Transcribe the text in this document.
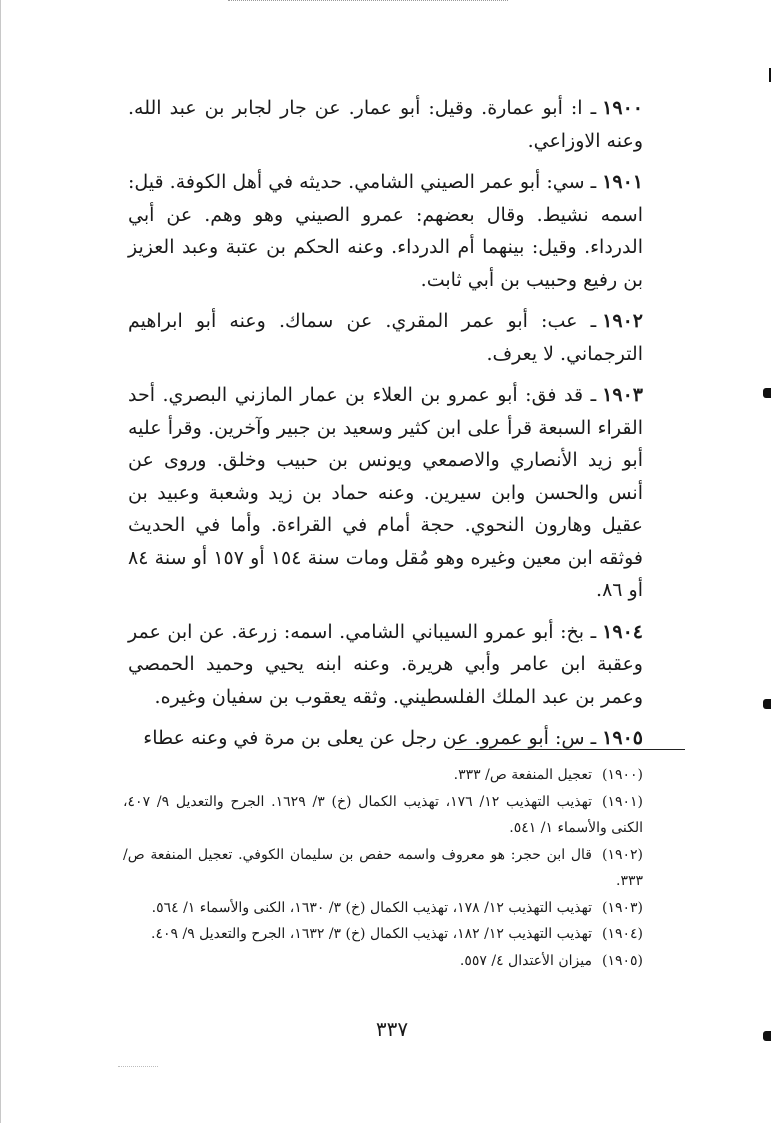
١٩٠٠ـ ا: أبو عمارة. وقيل: أبو عمار. عن جار لجابر بن عبد الله. وعنه الاوزاعي.

١٩٠١ـ سي: أبو عمر الصيني الشامي. حديثه في أهل الكوفة. قيل: اسمه نشيط. وقال بعضهم: عمرو الصيني وهو وهم. عن أبي الدرداء. وقيل: بينهما أم الدرداء. وعنه الحكم بن عتبة وعبد العزيز بن رفيع وحبيب بن أبي ثابت.

١٩٠٢ـ عب: أبو عمر المقري. عن سماك. وعنه أبو ابراهيم الترجماني. لا يعرف.

١٩٠٣ـ قد فق: أبو عمرو بن العلاء بن عمار المازني البصري. أحد القراء السبعة قرأ على ابن كثير وسعيد بن جبير وآخرين. وقرأ عليه أبو زيد الأنصاري والاصمعي ويونس بن حبيب وخلق. وروى عن أنس والحسن وابن سيرين. وعنه حماد بن زيد وشعبة وعبيد بن عقيل وهارون النحوي. حجة أمام في القراءة. وأما في الحديث فوثقه ابن معين وغيره وهو مُقل ومات سنة ١٥٤ أو ١٥٧ أو سنة ٨٤ أو ٨٦.

١٩٠٤ـ بخ: أبو عمرو السيباني الشامي. اسمه: زرعة. عن ابن عمر وعقبة ابن عامر وأبي هريرة. وعنه ابنه يحيي وحميد الحمصي وعمر بن عبد الملك الفلسطيني. وثقه يعقوب بن سفيان وغيره.

١٩٠٥ـ س: أبو عمرو. عن رجل عن يعلى بن مرة في وعنه عطاء

(١٩٠٠)تعجيل المنفعة ص/ ٣٣٣.

(١٩٠١)تهذيب التهذيب ١٢/ ١٧٦، تهذيب الكمال (خ) ٣/ ١٦٢٩. الجرح والتعديل ٩/ ٤٠٧، الكنى والأسماء ١/ ٥٤١.

(١٩٠٢)قال ابن حجر: هو معروف واسمه حفص بن سليمان الكوفي. تعجيل المنفعة ص/ ٣٣٣.

(١٩٠٣)تهذيب التهذيب ١٢/ ١٧٨، تهذيب الكمال (خ) ٣/ ١٦٣٠، الكنى والأسماء ١/ ٥٦٤.

(١٩٠٤)تهذيب التهذيب ١٢/ ١٨٢، تهذيب الكمال (خ) ٣/ ١٦٣٢، الجرح والتعديل ٩/ ٤٠٩.

(١٩٠٥)ميزان الأعتدال ٤/ ٥٥٧.

٣٣٧
